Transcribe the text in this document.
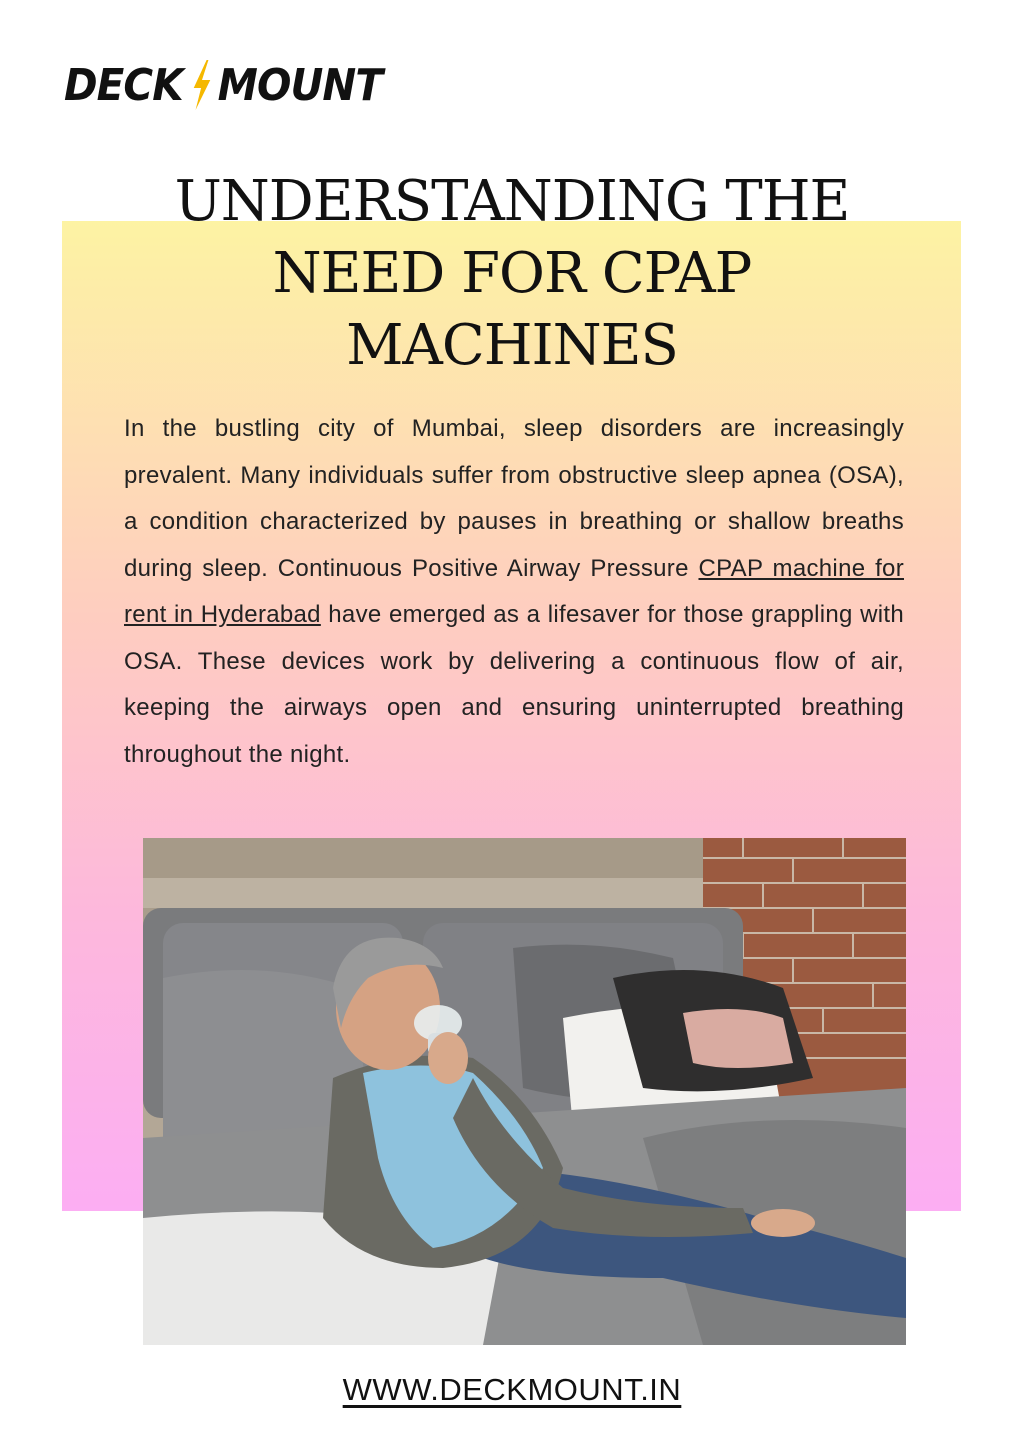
DECK MOUNT
UNDERSTANDING THE
NEED FOR CPAP
MACHINES

In the bustling city of Mumbai, sleep disorders are increasingly prevalent. Many individuals suffer from obstructive sleep apnea (OSA), a condition characterized by pauses in breathing or shallow breaths during sleep. Continuous Positive Airway Pressure CPAP machine for rent in Hyderabad have emerged as a lifesaver for those grappling with OSA. These devices work by delivering a continuous flow of air, keeping the airways open and ensuring uninterrupted breathing throughout the night.

WWW.DECKMOUNT.IN
